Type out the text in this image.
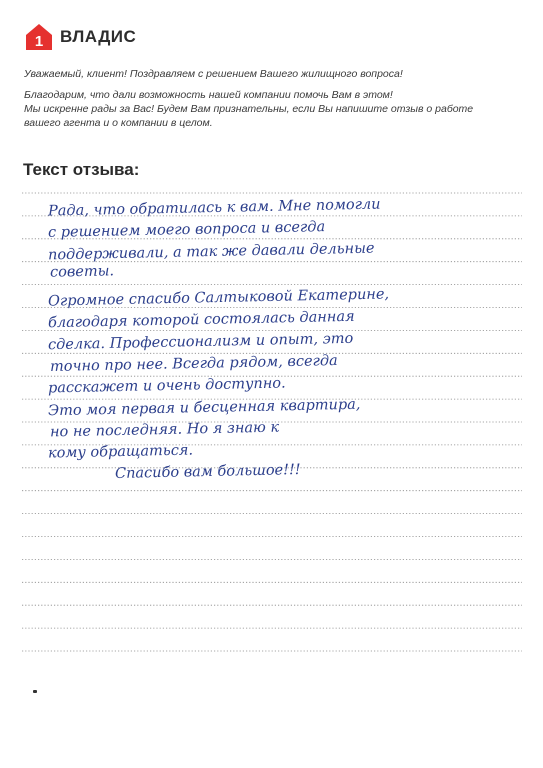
1 ВЛАДИС

Уважаемый, клиент! Поздравляем с решением Вашего жилищного вопроса!

Благодарим, что дали возможность нашей компании помочь Вам в этом!
Мы искренне рады за Вас! Будем Вам признательны, если Вы напишите отзыв о работе
вашего агента и о компании в целом.

Текст отзыва:
Рада, что обратилась к вам. Мне помогли
с решением моего вопроса и всегда
поддерживали, а так же давали дельные
советы.
Огромное спасибо Салтыковой Екатерине,
благодаря которой состоялась данная
сделка. Профессионализм и опыт, это
точно про нее. Всегда рядом, всегда
расскажет и очень доступно.
Это моя первая и бесценная квартира,
но не последняя. Но я знаю к
кому обращаться.
Спасибо вам большое!!!
